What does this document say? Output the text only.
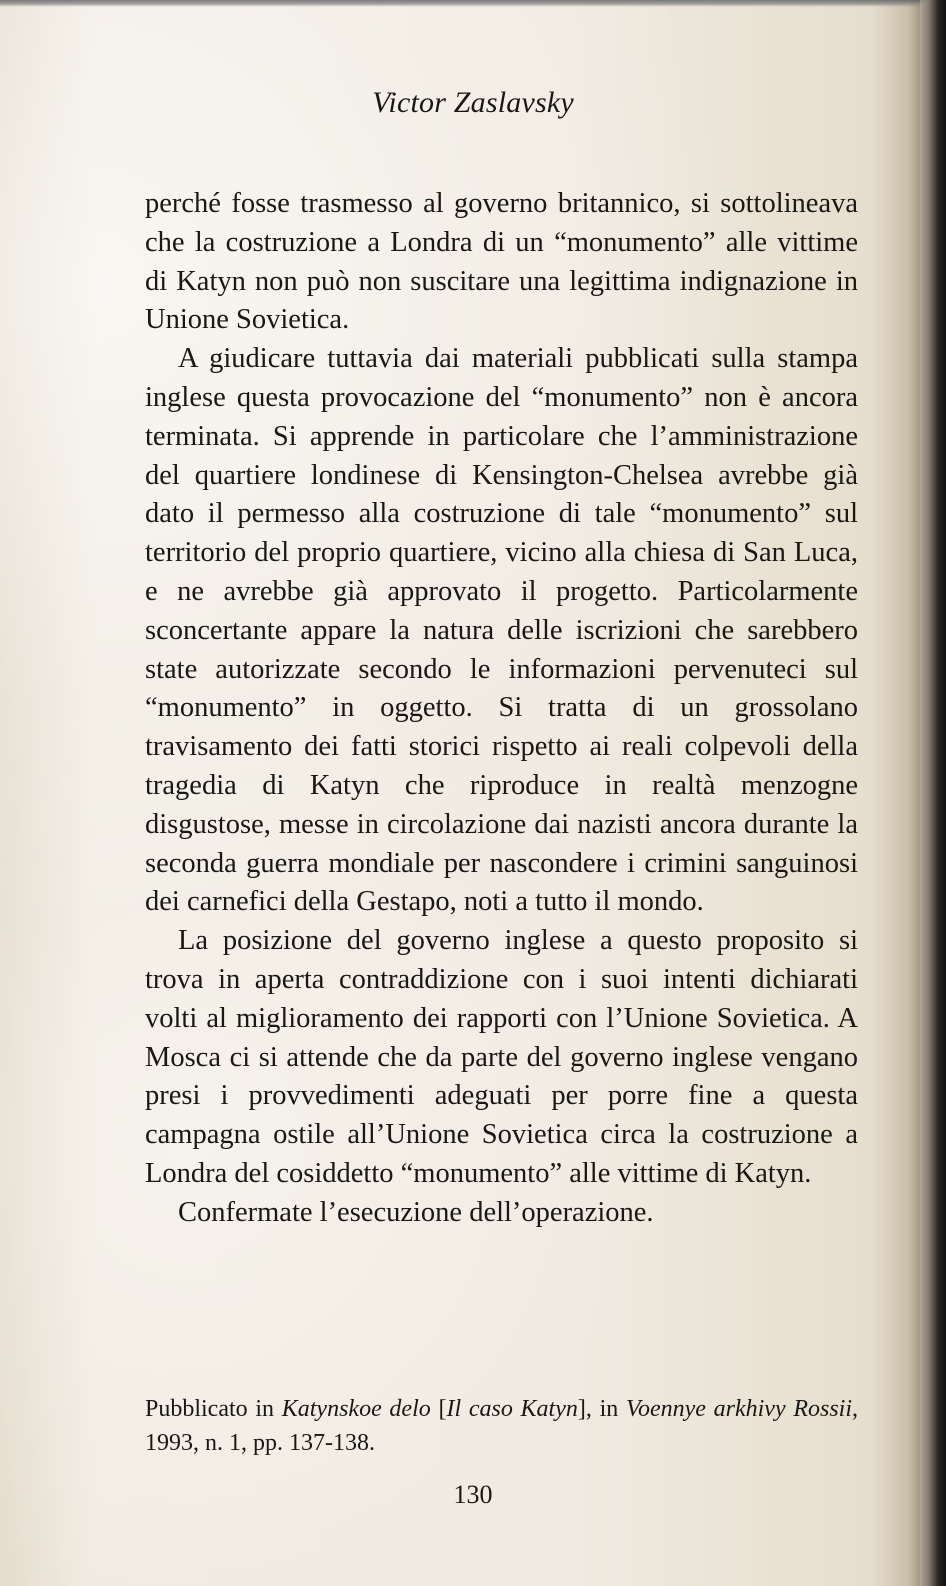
Victor Zaslavsky

perché fosse trasmesso al governo britannico, si sottolineava che la costruzione a Londra di un “monumento” alle vittime di Katyn non può non suscitare una legittima indignazione in Unione Sovietica.

A giudicare tuttavia dai materiali pubblicati sulla stampa inglese questa provocazione del “monumento” non è ancora terminata. Si apprende in particolare che l’amministrazione del quartiere londinese di Kensington-Chelsea avrebbe già dato il permesso alla costruzione di tale “monumento” sul territorio del proprio quartiere, vicino alla chiesa di San Luca, e ne avrebbe già approvato il progetto. Particolarmente sconcertante appare la natura delle iscrizioni che sarebbero state autorizzate secondo le informazioni pervenuteci sul “monumento” in oggetto. Si tratta di un grossolano travisamento dei fatti storici rispetto ai reali colpevoli della tragedia di Katyn che riproduce in realtà menzogne disgustose, messe in circolazione dai nazisti ancora durante la seconda guerra mondiale per nascondere i crimini sanguinosi dei carnefici della Gestapo, noti a tutto il mondo.

La posizione del governo inglese a questo proposito si trova in aperta contraddizione con i suoi intenti dichiarati volti al miglioramento dei rapporti con l’Unione Sovietica. A Mosca ci si attende che da parte del governo inglese vengano presi i provvedimenti adeguati per porre fine a questa campagna ostile all’Unione Sovietica circa la costruzione a Londra del cosiddetto “monumento” alle vittime di Katyn.

Confermate l’esecuzione dell’operazione.

Pubblicato in Katynskoe delo [Il caso Katyn], in Voennye arkhivy Rossii, 1993, n. 1, pp. 137-138.
130
